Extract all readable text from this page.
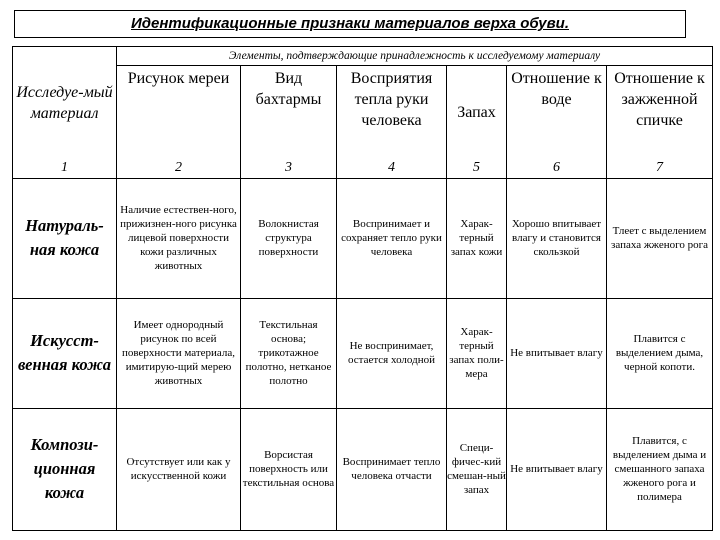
Идентификационные признаки материалов верха обуви.
Исследуе-мый материал	Элементы, подтверждающие принадлежность к исследуемому материалу					
	Рисунок мереи	Вид бахтармы	Восприятия тепла руки человека	Запах	Отношение к воде	Отношение к зажженной спичке
1	2	3	4	5	6	7
Натураль-ная кожа	Наличие естествен-ного, прижизнен-ного рисунка лицевой поверхности кожи различных животных	Волокнистая структура поверхности	Воспринимает и сохраняет тепло руки человека	Харак-терный запах кожи	Хорошо впитывает влагу и становится скользкой	Тлеет с выделением запаха жженого рога
Искусст-венная кожа	Имеет однородный рисунок по всей поверхности материала, имитирую-щий мерею животных	Текстильная основа; трикотажное полотно, нетканое полотно	Не воспринимает, остается холодной	Харак-терный запах поли-мера	Не впитывает влагу	Плавится с выделением дыма, черной копоти.
Компози-ционная кожа	Отсутствует или как у искусственной кожи	Ворсистая поверхность или текстильная основа	Воспринимает тепло человека отчасти	Специ-фичес-кий смешан-ный запах	Не впитывает влагу	Плавится, с выделением дыма и смешанного запаха жженого рога и полимера
